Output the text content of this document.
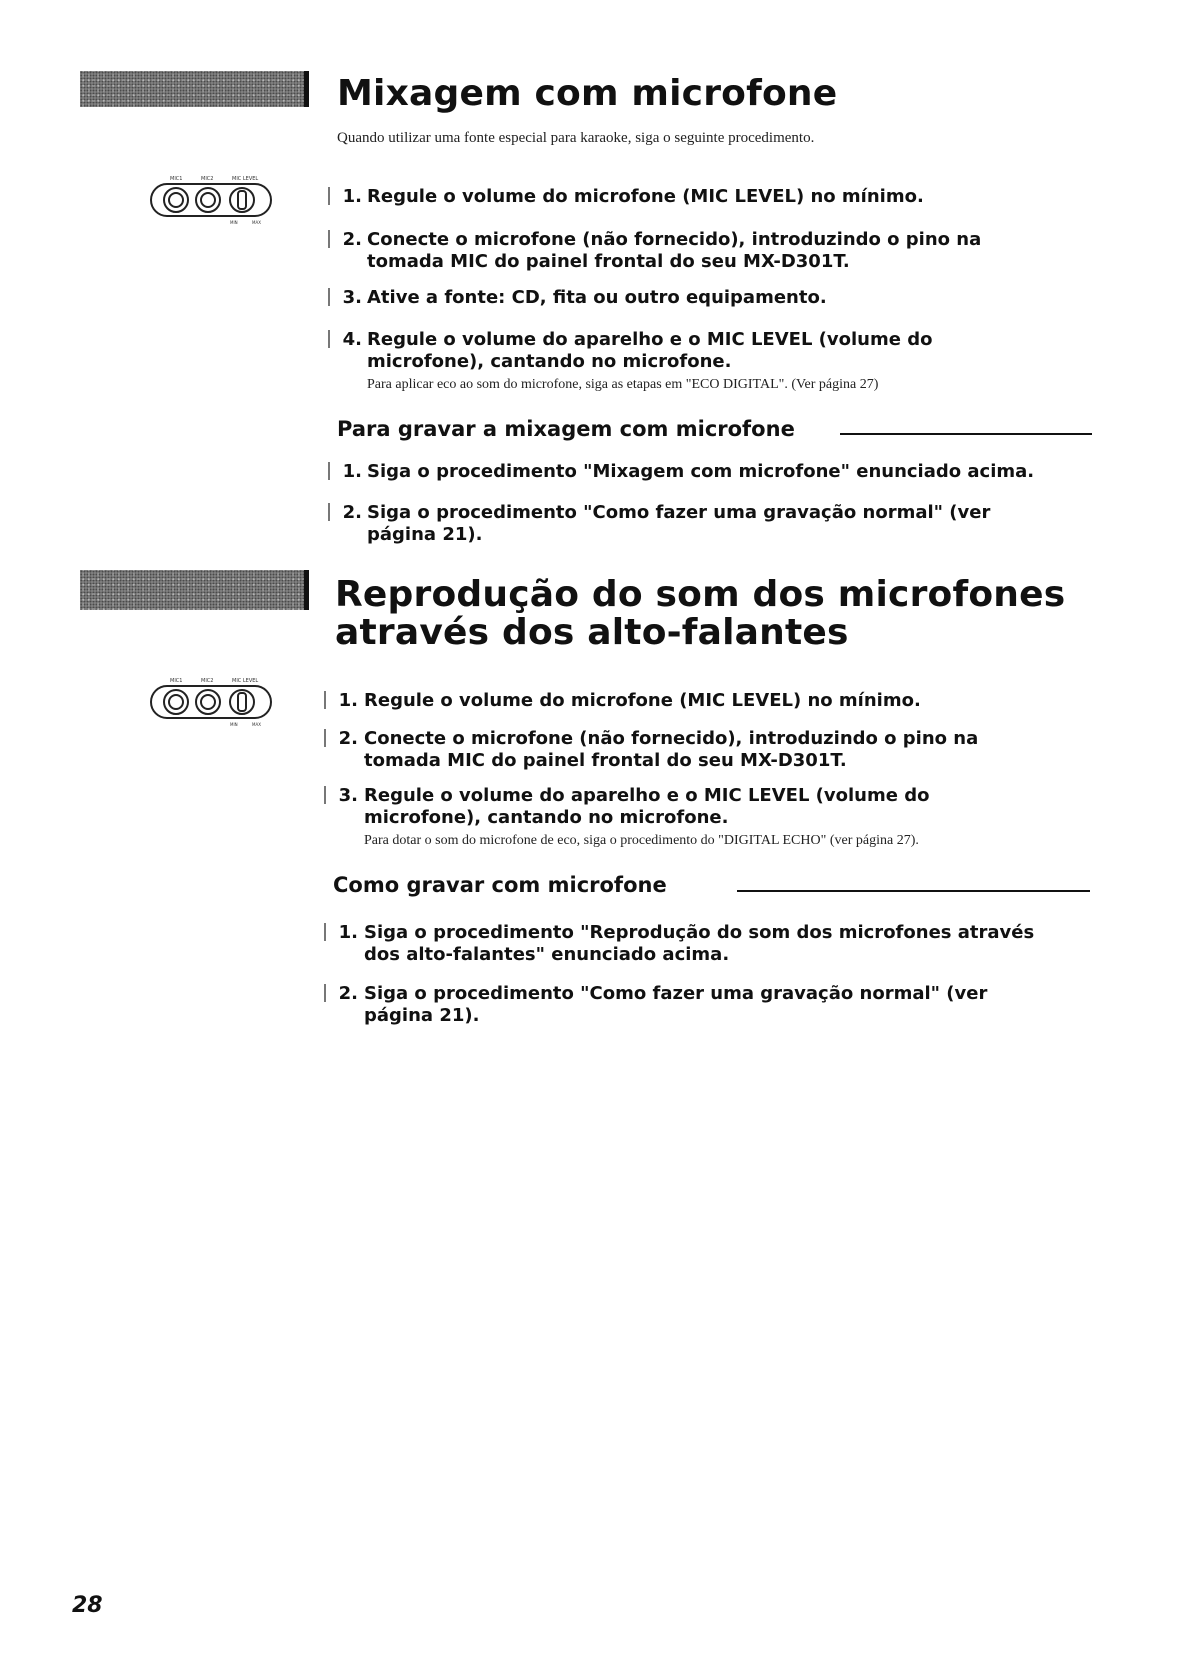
Mixagem com microfone
Quando utilizar uma fonte especial para karaoke, siga o seguinte procedimento.
MIC1	MIC2	MIC LEVEL
MIN	MAX
1. Regule o volume do microfone (MIC LEVEL) no mínimo.
2. Conecte o microfone (não fornecido), introduzindo o pino na
tomada MIC do painel frontal do seu MX-D301T.
3. Ative a fonte: CD, fita ou outro equipamento.
4. Regule o volume do aparelho e o MIC LEVEL (volume do
microfone), cantando no microfone.
Para aplicar eco ao som do microfone, siga as etapas em "ECO DIGITAL". (Ver página 27)
Para gravar a mixagem com microfone
1. Siga o procedimento "Mixagem com microfone" enunciado acima.
2. Siga o procedimento "Como fazer uma gravação normal" (ver
página 21).
Reprodução do som dos microfones
através dos alto-falantes
MIC1	MIC2	MIC LEVEL
MIN	MAX
1. Regule o volume do microfone (MIC LEVEL) no mínimo.
2. Conecte o microfone (não fornecido), introduzindo o pino na
tomada MIC do painel frontal do seu MX-D301T.
3. Regule o volume do aparelho e o MIC LEVEL (volume do
microfone), cantando no microfone.
Para dotar o som do microfone de eco, siga o procedimento do "DIGITAL ECHO" (ver página 27).
Como gravar com microfone
1. Siga o procedimento "Reprodução do som dos microfones através
dos alto-falantes" enunciado acima.
2. Siga o procedimento "Como fazer uma gravação normal" (ver
página 21).
28
